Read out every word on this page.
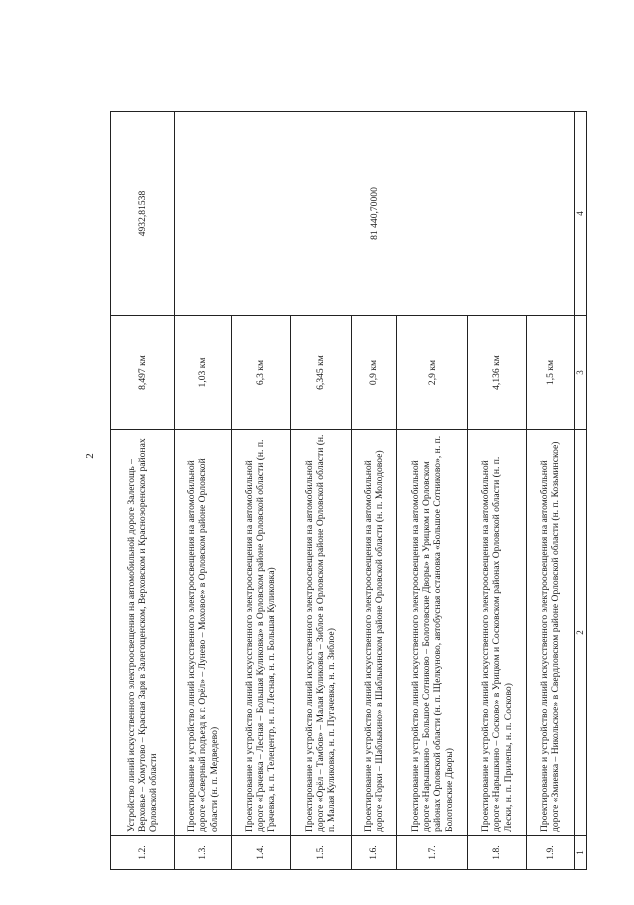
2
1.2.	Устройство линий искусственного электроосвещения на автомобильной дороге Залегощь – Верховье – Хомутово – Красная Заря в Залегощенском, Верховском и Красноэоренском районах Орловской области	8,497 км	4932,81538
1.3.	Проектирование и устройство линий искусственного электроосвещения на автомобильной дороге «Северный подъезд к г. Орёл» – Лунево – Моховое» в Орловском районе Орловской области (н. п. Медведево)	1,03 км	81 440,70000
1.4.	Проектирование и устройство линий искусственного электроосвещения на автомобильной дороге «Грачевка – Лесная – Большая Куликовка» в Орловском районе Орловской области (н. п. Грачевка, н. п. Телецентр, н. п. Лесная, н. п. Большая Куликовка)	6,3 км	
1.5.	Проектирование и устройство линий искусственного электроосвещения на автомобильной дороге «Орёл – Тамбов» – Малая Куликовка – Зиблое в Орловском районе Орловской области (н. п. Малая Куликовка, н. п. Пугачевка, н. п. Зиблое)	6,345 км	
1.6.	Проектирование и устройство линий искусственного электроосвещения на автомобильной дороге «Горки – Шаблыкино» в Шаблыкинском районе Орловской области (н. п. Молодовое)	0,9 км	
1.7.	Проектирование и устройство линий искусственного электроосвещения на автомобильной дороге «Нарышкино – Большое Сотниково – Болотовские Дворы» в Урицком и Орловском районах Орловской области (н. п. Щелкуново, автобусная остановка «Большое Сотниково», н. п. Болотовские Дворы)	2,9 км	
1.8.	Проектирование и устройство линий искусственного электроосвещения на автомобильной дороге «Нарышкино – Сосково» в Урицком и Сосковском районах Орловской области (н. п. Лески, н. п. Прилепы, н. п. Сосково)	4,136 км	
1.9.	Проектирование и устройство линий искусственного электроосвещения на автомобильной дороге «Змиевка – Никольское» в Свердловском районе Орловской области (н. п. Козьминское)	1,5 км	
1	2	3	4
